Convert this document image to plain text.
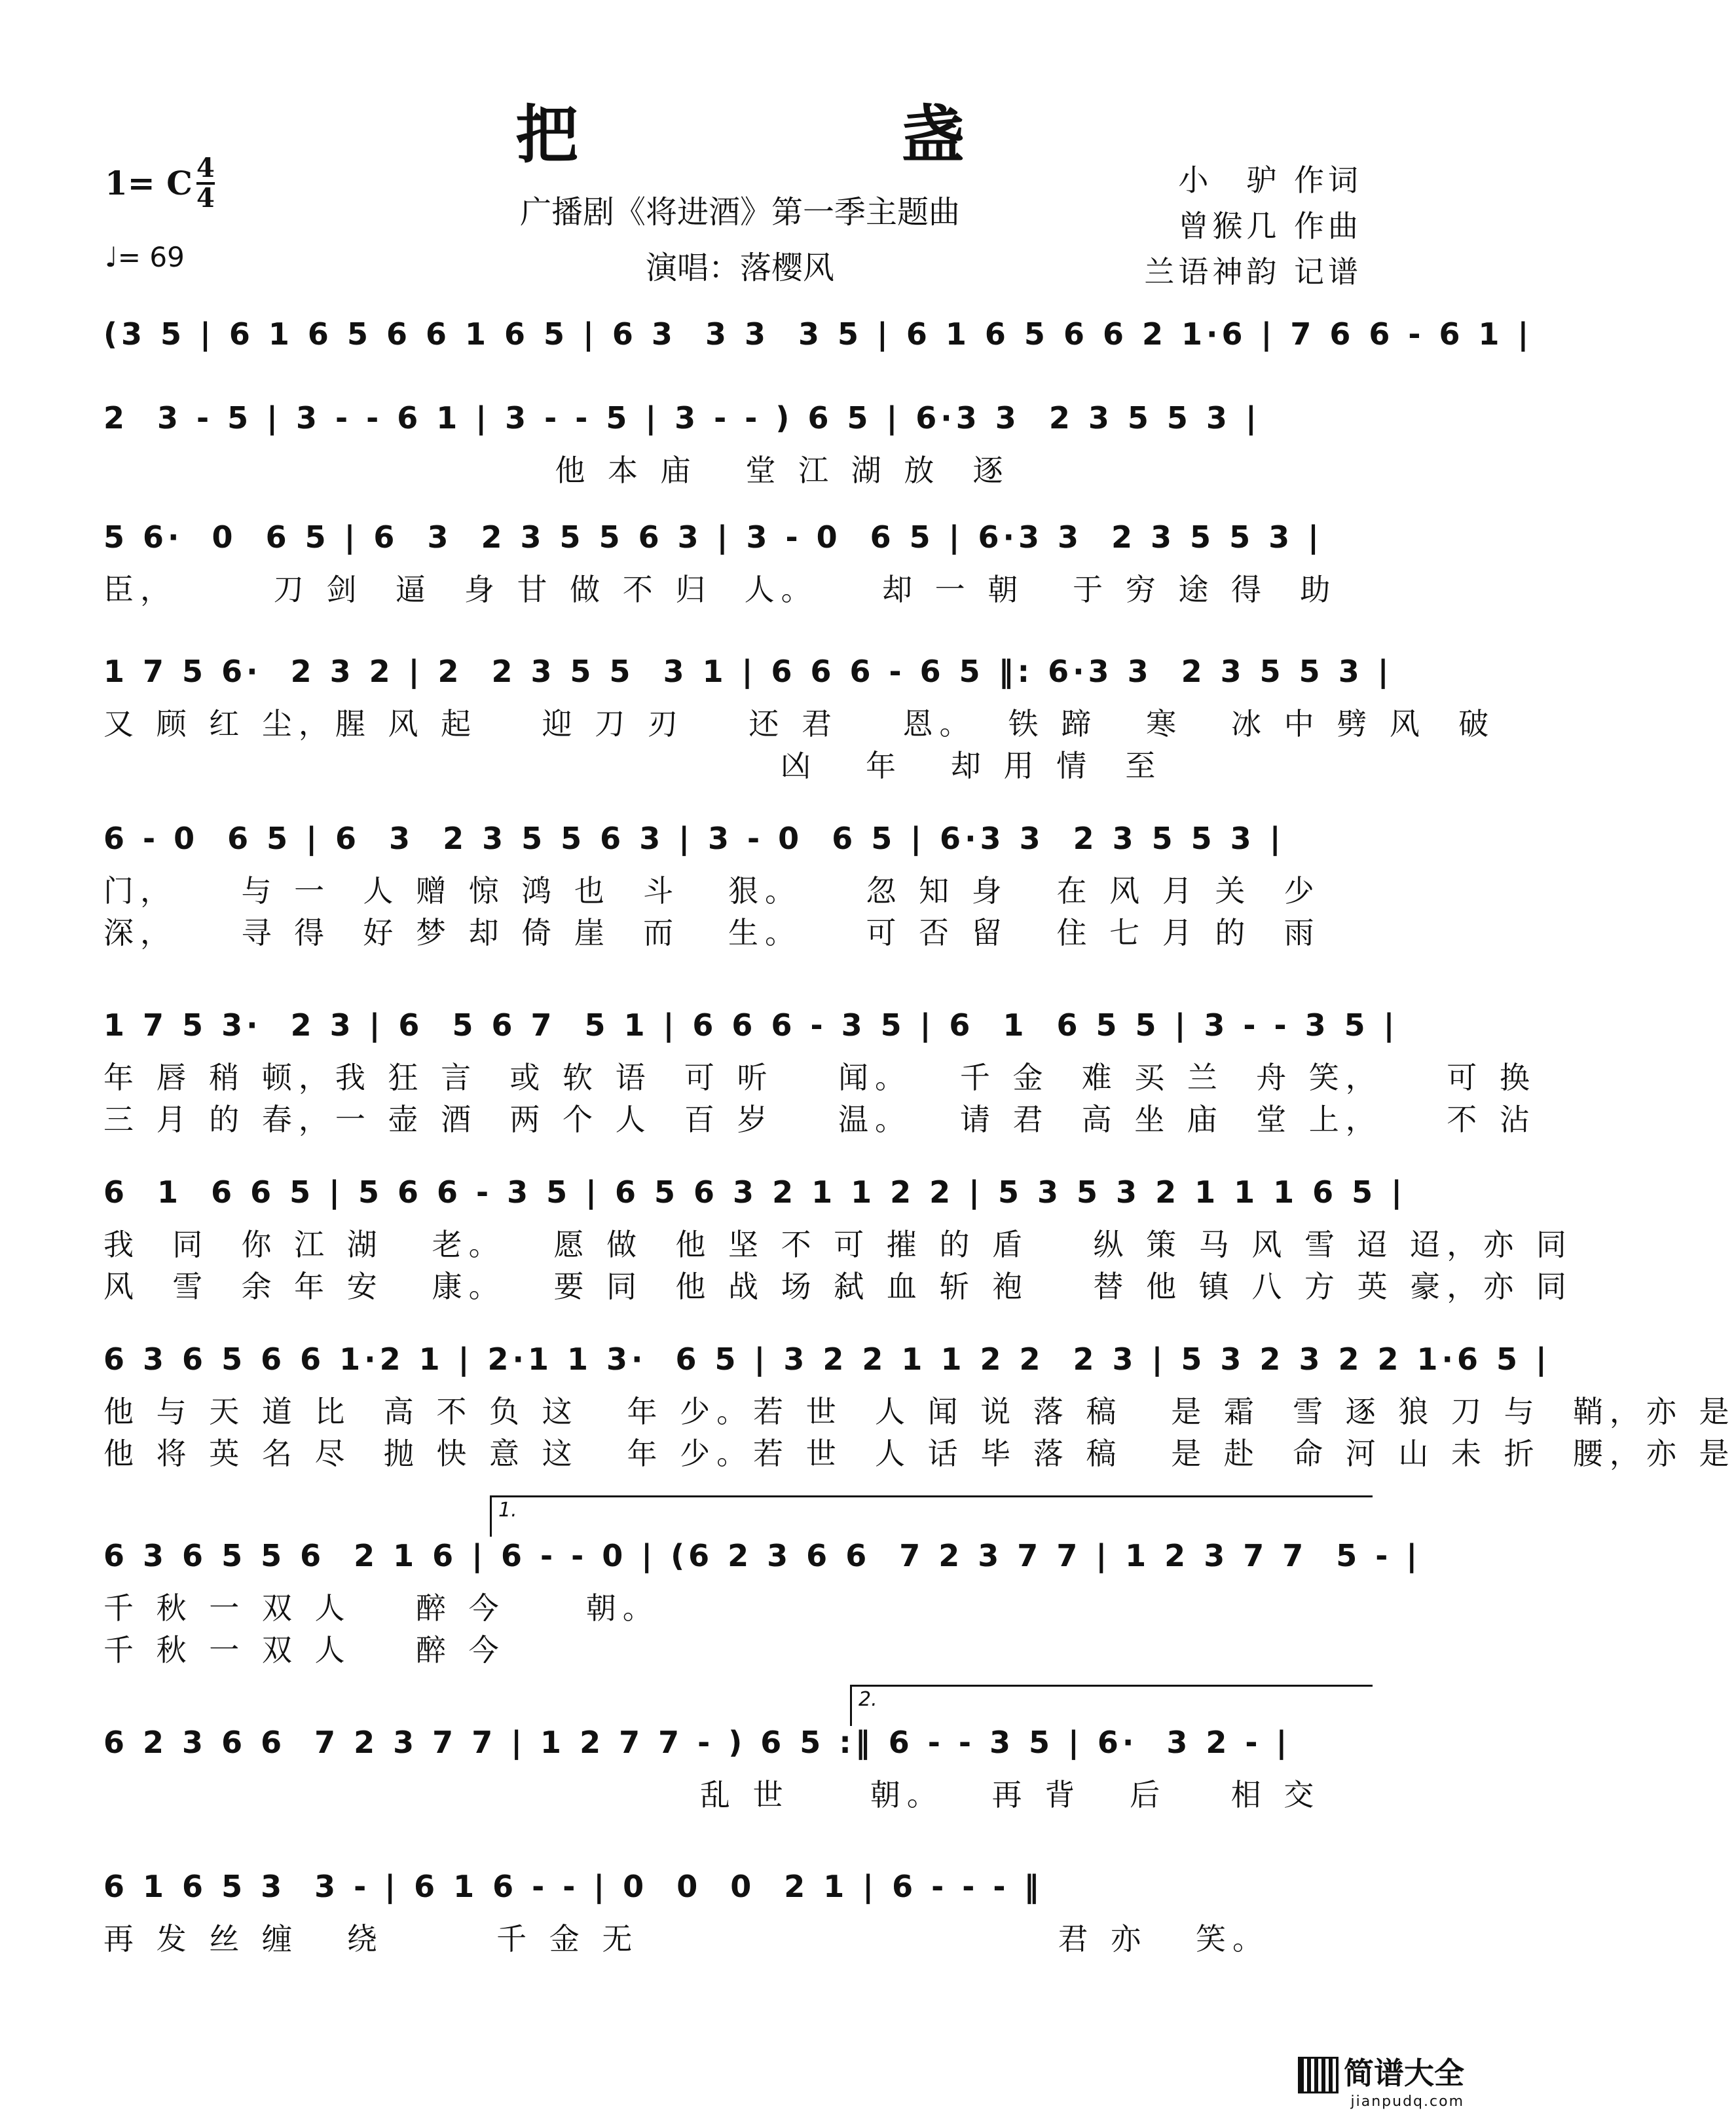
把 盏
广播剧《将进酒》第一季主题曲
演唱：落樱风
1= C 4
4
♩= 69
小　驴 作词
曾猴几 作曲
兰语神韵 记谱
(3 5 | 6 1 6 5 6 6 1 6 5 | 6 3  3 3  3 5 | 6 1 6 5 6 6 2 1·6 | 7 6 6 - 6 1 |
2  3 - 5 | 3 - - 6 1 | 3 - - 5 | 3 - - ) 6 5 | 6·3 3  2 3 5 5 3 |
他 本 庙   堂 江 湖 放  逐
5 6·  0  6 5 | 6  3  2 3 5 5 6 3 | 3 - 0  6 5 | 6·3 3  2 3 5 5 3 |
臣，      刀 剑  逼  身 甘 做 不 归  人。    却 一 朝   于 穷 途 得  助
1 7 5 6·  2 3 2 | 2  2 3 5 5  3 1 | 6 6 6 - 6 5 ‖: 6·3 3  2 3 5 5 3 |
又 顾 红 尘，腥 风 起    迎 刀 刃    还 君    恩。  铁 蹄   寒   冰 中 劈 风  破
凶   年   却 用 情  至
6 - 0  6 5 | 6  3  2 3 5 5 6 3 | 3 - 0  6 5 | 6·3 3  2 3 5 5 3 |
门，    与 一  人 赠 惊 鸿 也  斗   狠。    忽 知 身   在 风 月 关  少
深，    寻 得  好 梦 却 倚 崖  而   生。    可 否 留   住 七 月 的  雨
1 7 5 3·  2 3 | 6  5 6 7  5 1 | 6 6 6 - 3 5 | 6  1  6 5 5 | 3 - - 3 5 |
年 唇 稍 顿，我 狂 言  或 软 语  可 听    闻。   千 金  难 买 兰  舟 笑，    可 换
三 月 的 春，一 壶 酒  两 个 人  百 岁    温。   请 君  高 坐 庙  堂 上，    不 沾
6  1  6 6 5 | 5 6 6 - 3 5 | 6 5 6 3 2 1 1 2 2 | 5 3 5 3 2 1 1 1 6 5 |
我  同  你 江 湖   老。   愿 做  他 坚 不 可 摧 的 盾    纵 策 马 风 雪 迢 迢，亦 同
风  雪  余 年 安   康。   要 同  他 战 场 弑 血 斩 袍    替 他 镇 八 方 英 豪，亦 同
6 3 6 5 6 6 1·2 1 | 2·1 1 3·  6 5 | 3 2 2 1 1 2 2  2 3 | 5 3 2 3 2 2 1·6 5 |
他 与 天 道 比  高 不 负 这   年 少。若 世  人 闻 说 落 稿   是 霜  雪 逐 狼 刀 与  鞘，亦 是
他 将 英 名 尽  抛 快 意 这   年 少。若 世  人 话 毕 落 稿   是 赴  命 河 山 未 折  腰，亦 是
6 3 6 5 5 6  2 1 6 | 6 - - 0 | (6 2 3 6 6  7 2 3 7 7 | 1 2 3 7 7  5 - |
千 秋 一 双 人    醉 今     朝。
千 秋 一 双 人    醉 今
6 2 3 6 6  7 2 3 7 7 | 1 2 7 7 - ) 6 5 :‖ 6 - - 3 5 | 6·  3 2 - |
乱 世     朝。   再 背   后    相 交
6 1 6 5 3  3 - | 6 1 6 - - | 0  0  0  2 1 | 6 - - - ‖
再 发 丝 缠   绕       千 金 无                          君 亦   笑。
1.
2.
简谱大全
jianpudq.com
